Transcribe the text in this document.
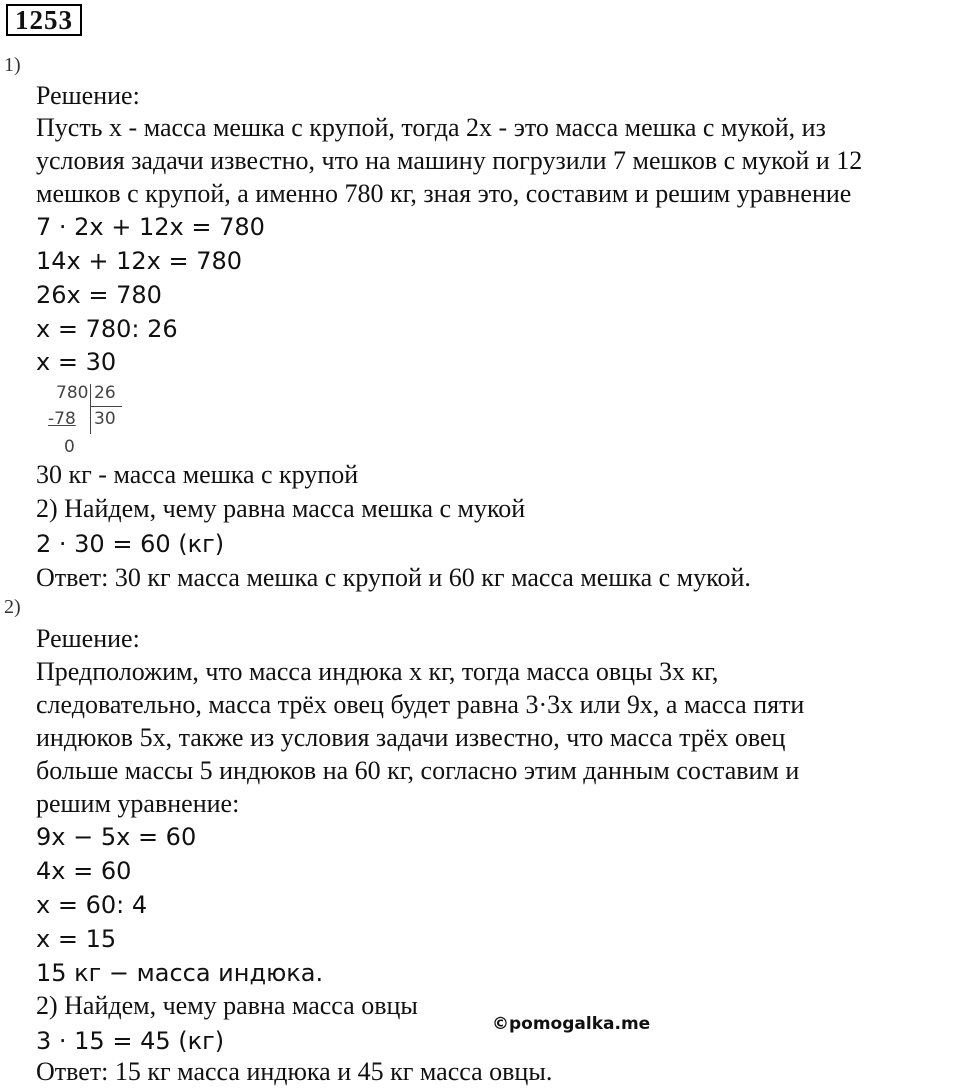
1253
1)
Решение:
Пусть x - масса мешка с крупой, тогда 2x - это масса мешка с мукой, из
условия задачи известно, что на машину погрузили 7 мешков с мукой и 12
мешков с крупой, а именно 780 кг, зная это, составим и решим уравнение
7 ⋅ 2x + 12x = 780
14x + 12x = 780
26x = 780
x = 780: 26
x = 30
780 26
-78 30
0
30 кг - масса мешка с крупой
2) Найдем, чему равна масса мешка с мукой
2 ⋅ 30 = 60 (кг)
Ответ: 30 кг масса мешка с крупой и 60 кг масса мешка с мукой.
2)
Решение:
Предположим, что масса индюка x кг, тогда масса овцы 3x кг,
следовательно, масса трёх овец будет равна 3·3x или 9x, а масса пяти
индюков 5x, также из условия задачи известно, что масса трёх овец
больше массы 5 индюков на 60 кг, согласно этим данным составим и
решим уравнение:
9x − 5x = 60
4x = 60
x = 60: 4
x = 15
15 кг − масса индюка.
2) Найдем, чему равна масса овцы
3 ⋅ 15 = 45 (кг)
Ответ: 15 кг масса индюка и 45 кг масса овцы.
©pomogalka.me
